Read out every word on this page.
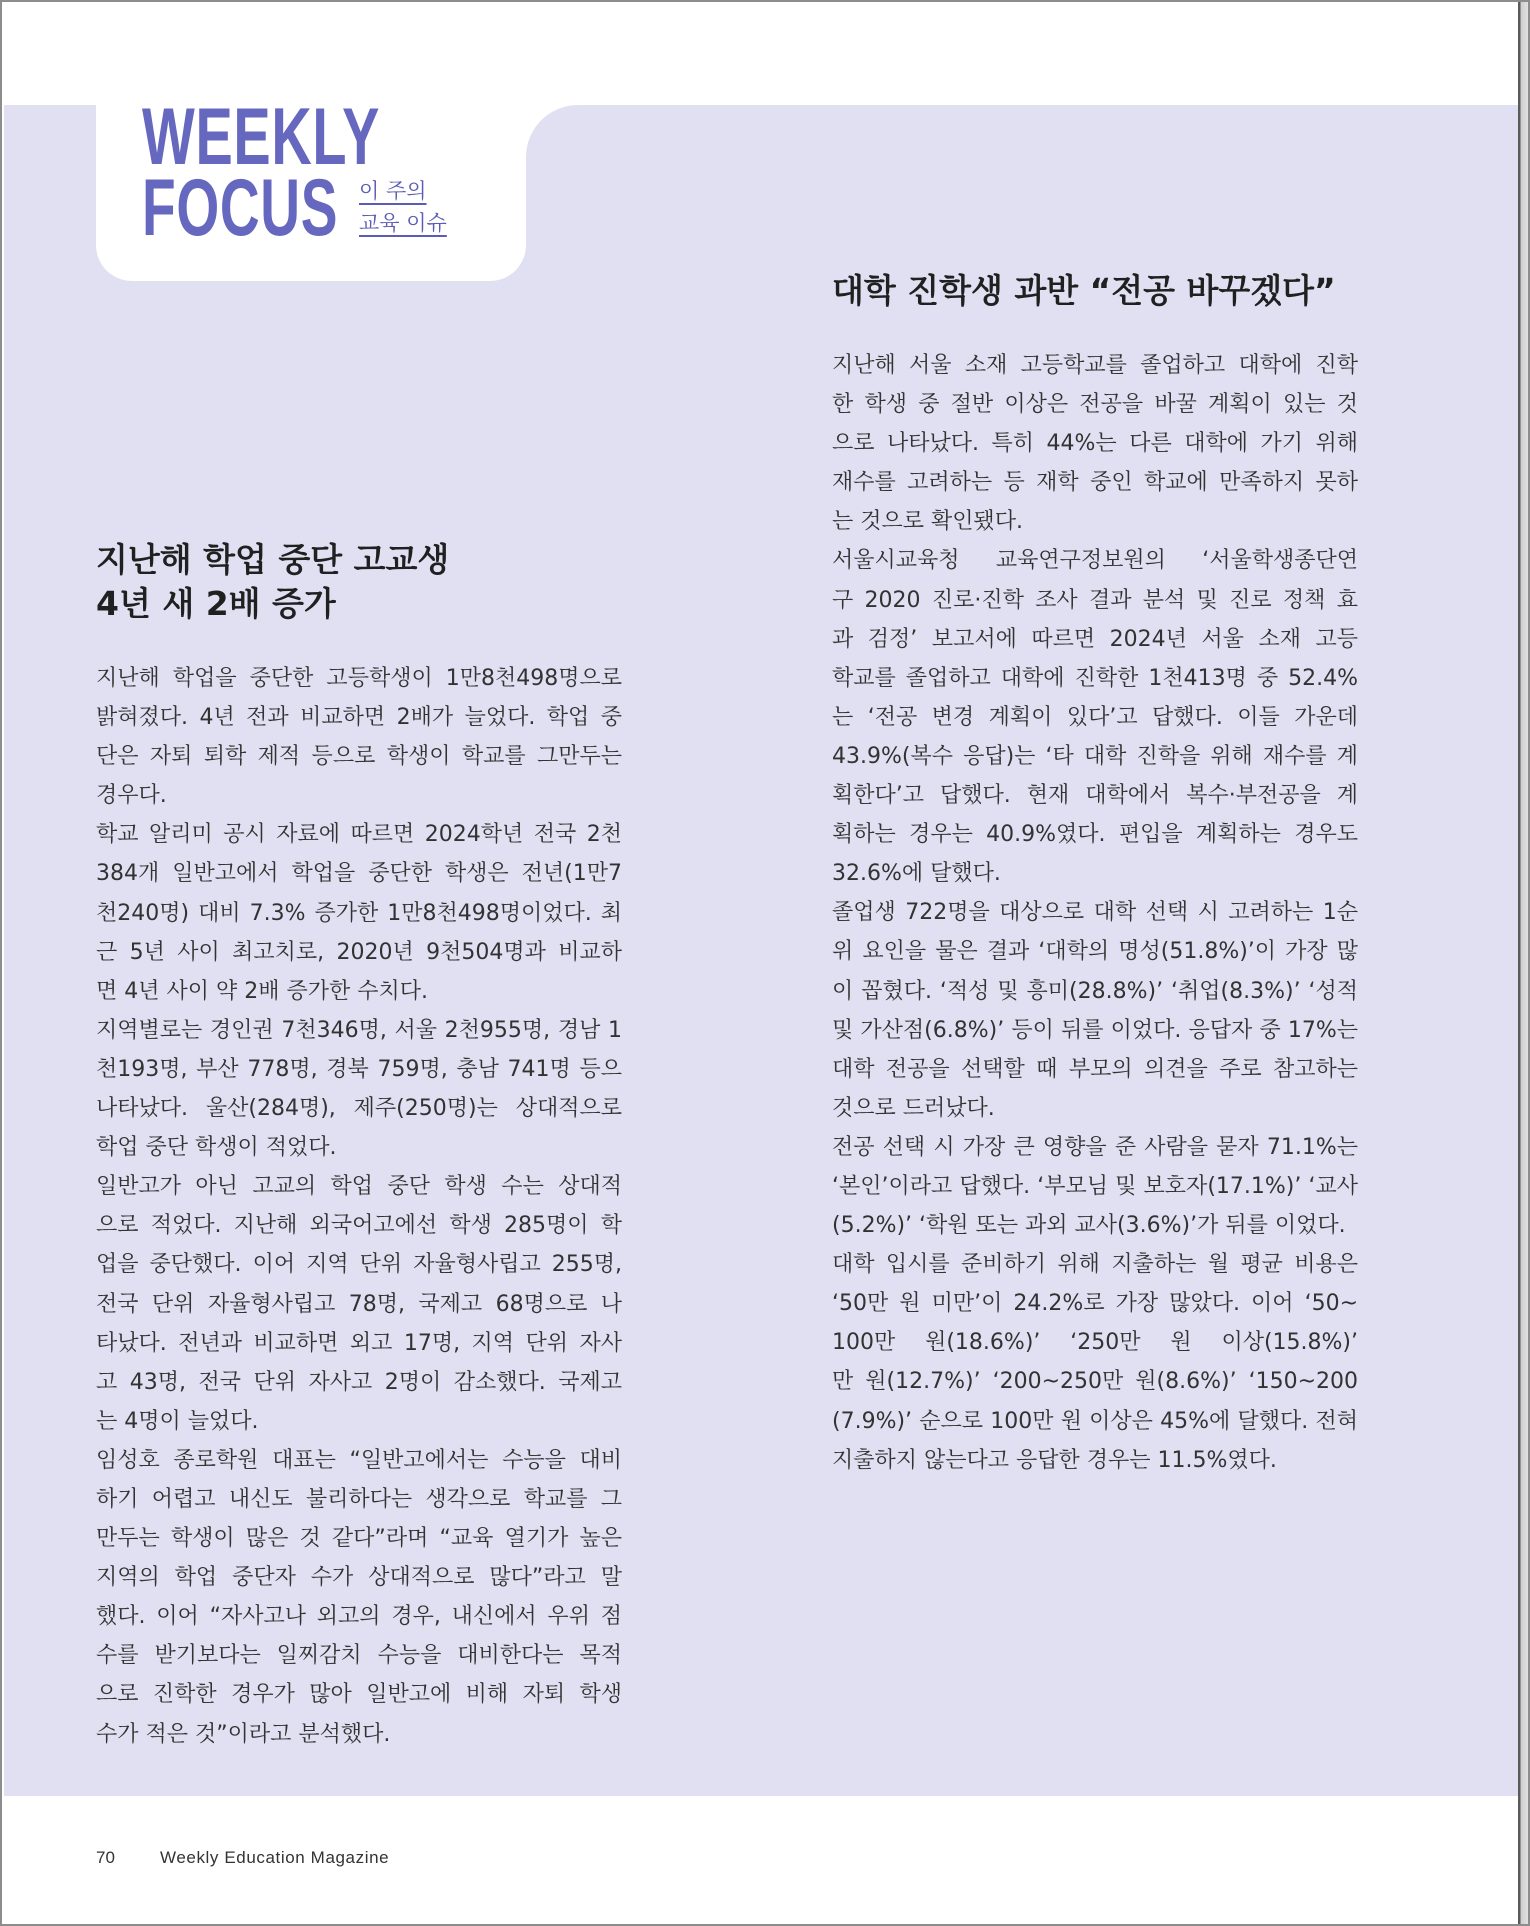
WEEKLY
FOCUS 이 주의
교육 이슈
대학 진학생 과반 “전공 바꾸겠다”

지난해 서울 소재 고등학교를 졸업하고 대학에 진학
한 학생 중 절반 이상은 전공을 바꿀 계획이 있는 것
으로 나타났다. 특히 44%는 다른 대학에 가기 위해
재수를 고려하는 등 재학 중인 학교에 만족하지 못하
는 것으로 확인됐다.

서울시교육청 교육연구정보원의 ‘서울학생종단연
구 2020 진로·진학 조사 결과 분석 및 진로 정책 효
과 검정’ 보고서에 따르면 2024년 서울 소재 고등
학교를 졸업하고 대학에 진학한 1천413명 중 52.4%
는 ‘전공 변경 계획이 있다’고 답했다. 이들 가운데
43.9%(복수 응답)는 ‘타 대학 진학을 위해 재수를 계
획한다’고 답했다. 현재 대학에서 복수·부전공을 계
획하는 경우는 40.9%였다. 편입을 계획하는 경우도
32.6%에 달했다.

졸업생 722명을 대상으로 대학 선택 시 고려하는 1순
위 요인을 물은 결과 ‘대학의 명성(51.8%)’이 가장 많
이 꼽혔다. ‘적성 및 흥미(28.8%)’ ‘취업(8.3%)’ ‘성적
및 가산점(6.8%)’ 등이 뒤를 이었다. 응답자 중 17%는
대학 전공을 선택할 때 부모의 의견을 주로 참고하는
것으로 드러났다.

전공 선택 시 가장 큰 영향을 준 사람을 묻자 71.1%는
‘본인’이라고 답했다. ‘부모님 및 보호자(17.1%)’ ‘교사
(5.2%)’ ‘학원 또는 과외 교사(3.6%)’가 뒤를 이었다.

대학 입시를 준비하기 위해 지출하는 월 평균 비용은
‘50만 원 미만’이 24.2%로 가장 많았다. 이어 ‘50~
100만 원(18.6%)’ ‘250만 원 이상(15.8%)’
만 원(12.7%)’ ‘200~250만 원(8.6%)’ ‘150~200
(7.9%)’ 순으로 100만 원 이상은 45%에 달했다. 전혀
지출하지 않는다고 응답한 경우는 11.5%였다.

지난해 학업 중단 고교생
4년 새 2배 증가

지난해 학업을 중단한 고등학생이 1만8천498명으로
밝혀졌다. 4년 전과 비교하면 2배가 늘었다. 학업 중
단은 자퇴 퇴학 제적 등으로 학생이 학교를 그만두는
경우다.

학교 알리미 공시 자료에 따르면 2024학년 전국 2천
384개 일반고에서 학업을 중단한 학생은 전년(1만7
천240명) 대비 7.3% 증가한 1만8천498명이었다. 최
근 5년 사이 최고치로, 2020년 9천504명과 비교하
면 4년 사이 약 2배 증가한 수치다.

지역별로는 경인권 7천346명, 서울 2천955명, 경남 1
천193명, 부산 778명, 경북 759명, 충남 741명 등으
나타났다. 울산(284명), 제주(250명)는 상대적으로
학업 중단 학생이 적었다.

일반고가 아닌 고교의 학업 중단 학생 수는 상대적
으로 적었다. 지난해 외국어고에선 학생 285명이 학
업을 중단했다. 이어 지역 단위 자율형사립고 255명,
전국 단위 자율형사립고 78명, 국제고 68명으로 나
타났다. 전년과 비교하면 외고 17명, 지역 단위 자사
고 43명, 전국 단위 자사고 2명이 감소했다. 국제고
는 4명이 늘었다.

임성호 종로학원 대표는 “일반고에서는 수능을 대비
하기 어렵고 내신도 불리하다는 생각으로 학교를 그
만두는 학생이 많은 것 같다”라며 “교육 열기가 높은
지역의 학업 중단자 수가 상대적으로 많다”라고 말
했다. 이어 “자사고나 외고의 경우, 내신에서 우위 점
수를 받기보다는 일찌감치 수능을 대비한다는 목적
으로 진학한 경우가 많아 일반고에 비해 자퇴 학생
수가 적은 것”이라고 분석했다.

70	Weekly Education Magazine
